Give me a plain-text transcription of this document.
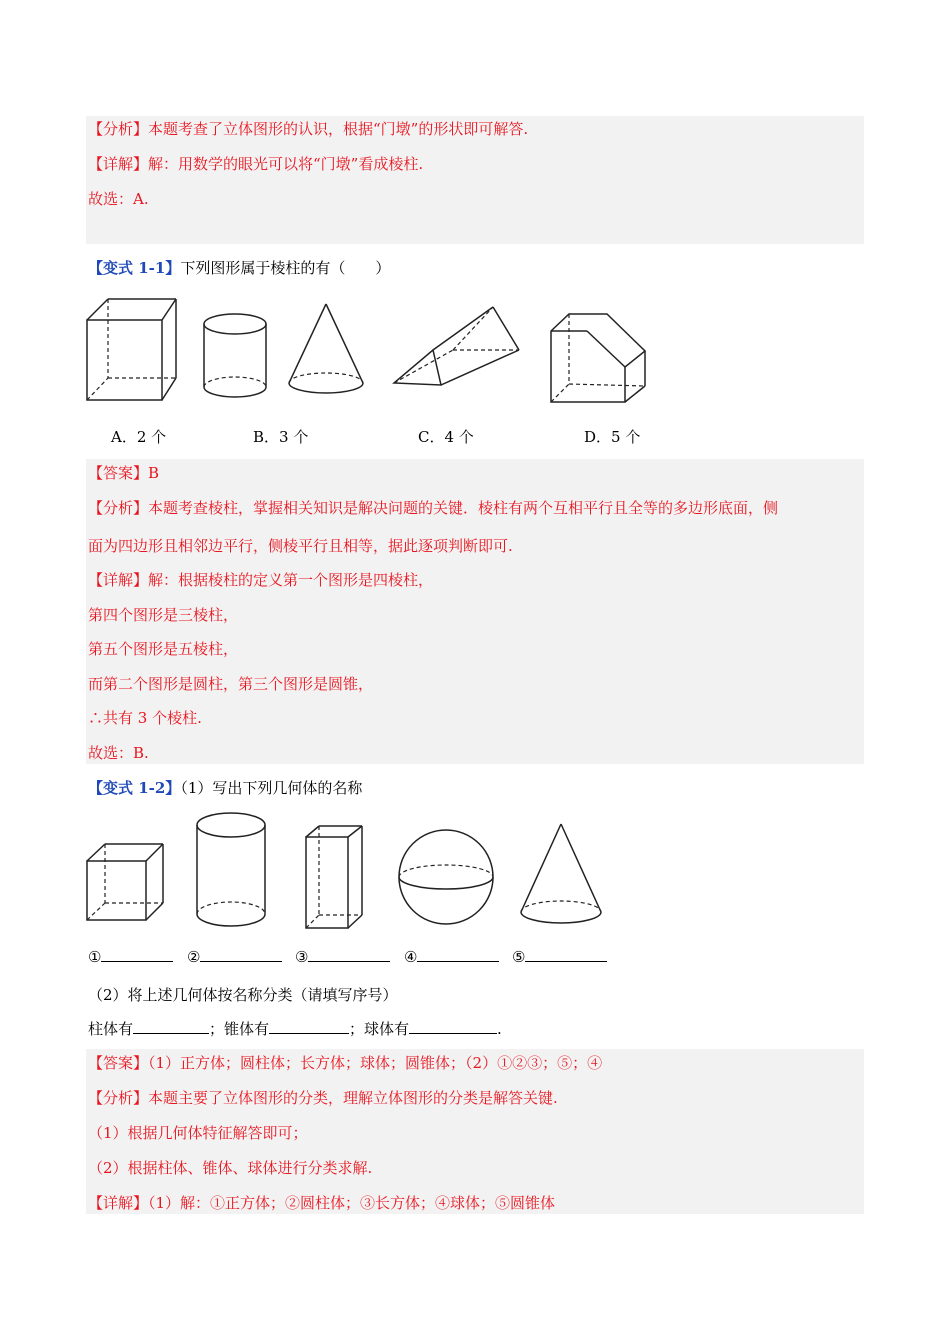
【分析】本题考查了立体图形的认识，根据“门墩”的形状即可解答.
【详解】解：用数学的眼光可以将“门墩”看成棱柱.
故选：A.
【变式 1-1】下列图形属于棱柱的有（　　）
A．2 个	B．3 个	C．4 个	D．5 个
【答案】B
【分析】本题考查棱柱，掌握相关知识是解决问题的关键．棱柱有两个互相平行且全等的多边形底面，侧
面为四边形且相邻边平行，侧棱平行且相等，据此逐项判断即可.
【详解】解：根据棱柱的定义第一个图形是四棱柱，
第四个图形是三棱柱，
第五个图形是五棱柱，
而第二个图形是圆柱，第三个图形是圆锥，
∴共有 3 个棱柱.
故选：B.
【变式 1-2】（1）写出下列几何体的名称
①	②	③	④	⑤
（2）将上述几何体按名称分类（请填写序号）
柱体有	；锥体有	；球体有	.
【答案】（1）正方体；圆柱体；长方体；球体；圆锥体；（2）①②③；⑤；④
【分析】本题主要了立体图形的分类，理解立体图形的分类是解答关键.
（1）根据几何体特征解答即可；
（2）根据柱体、锥体、球体进行分类求解.
【详解】（1）解：①正方体；②圆柱体；③长方体；④球体；⑤圆锥体
